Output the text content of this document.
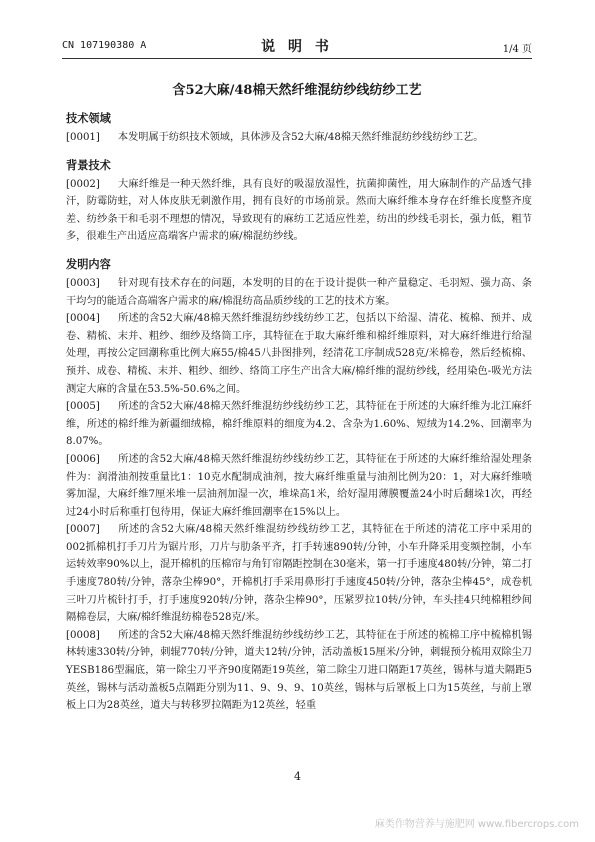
CN 107190380 A	说 明 书	1/4 页
含52大麻/48棉天然纤维混纺纱线纺纱工艺
技术领域

[0001] 本发明属于纺织技术领域，具体涉及含52大麻/48棉天然纤维混纺纱线纺纱工艺。

背景技术

[0002] 大麻纤维是一种天然纤维，具有良好的吸湿放湿性，抗菌抑菌性，用大麻制作的产品透气排汗，防霉防蛀，对人体皮肤无刺激作用，拥有良好的市场前景。然而大麻纤维本身存在纤维长度整齐度差、纺纱条干和毛羽不理想的情况，导致现有的麻纺工艺适应性差，纺出的纱线毛羽长，强力低，粗节多，很难生产出适应高端客户需求的麻/棉混纺纱线。

发明内容

[0003] 针对现有技术存在的问题，本发明的目的在于设计提供一种产量稳定、毛羽短、强力高、条干均匀的能适合高端客户需求的麻/棉混纺高品质纱线的工艺的技术方案。

[0004] 所述的含52大麻/48棉天然纤维混纺纱线纺纱工艺，包括以下给湿、清花、梳棉、预并、成卷、精梳、末并、粗纱、细纱及络筒工序，其特征在于取大麻纤维和棉纤维原料，对大麻纤维进行给湿处理，再按公定回潮称重比例大麻55/棉45八卦图排列，经清花工序制成528克/米棉卷，然后经梳棉、预并、成卷、精梳、末并、粗纱、细纱、络筒工序生产出含大麻/棉纤维的混纺纱线，经用染色-吸光方法测定大麻的含量在53.5%-50.6%之间。

[0005] 所述的含52大麻/48棉天然纤维混纺纱线纺纱工艺，其特征在于所述的大麻纤维为北江麻纤维，所述的棉纤维为新疆细绒棉，棉纤维原料的细度为4.2、含杂为1.60%、短绒为14.2%、回潮率为8.07%。

[0006] 所述的含52大麻/48棉天然纤维混纺纱线纺纱工艺，其特征在于所述的大麻纤维给湿处理条件为：润滑油剂按重量比1：10克水配制成油剂，按大麻纤维重量与油剂比例为20：1，对大麻纤维喷雾加湿，大麻纤维7厘米堆一层油剂加湿一次，堆垛高1米，给好湿用薄膜覆盖24小时后翻垛1次，再经过24小时后称重打包待用，保证大麻纤维回潮率在15%以上。

[0007] 所述的含52大麻/48棉天然纤维混纺纱线纺纱工艺，其特征在于所述的清花工序中采用的002抓棉机打手刀片为锯片形，刀片与肋条平齐，打手转速890转/分钟，小车升降采用变频控制，小车运转效率90%以上，混开棉机的压棉帘与角钉帘隔距控制在30毫米，第一打手速度480转/分钟，第二打手速度780转/分钟，落杂尘棒90°，开棉机打手采用鼻形打手速度450转/分钟，落杂尘棒45°，成卷机三叶刀片梳针打手，打手速度920转/分钟，落杂尘棒90°，压紧罗拉10转/分钟，车头挂4只纯棉粗纱间隔棉卷层，大麻/棉纤维混纺棉卷528克/米。

[0008] 所述的含52大麻/48棉天然纤维混纺纱线纺纱工艺，其特征在于所述的梳棉工序中梳棉机锡林转速330转/分钟，刺辊770转/分钟，道夫12转/分钟，活动盖板15厘米/分钟，刺辊预分梳用双除尘刀YESB186型漏底，第一除尘刀平齐90度隔距19英丝，第二除尘刀进口隔距17英丝，锡林与道夫隔距5英丝，锡林与活动盖板5点隔距分别为11、9、9、9、10英丝，锡林与后罩板上口为15英丝，与前上罩板上口为28英丝，道夫与转移罗拉隔距为12英丝，轻重

4
麻类作物营养与施肥网 www.fibercrops.com
